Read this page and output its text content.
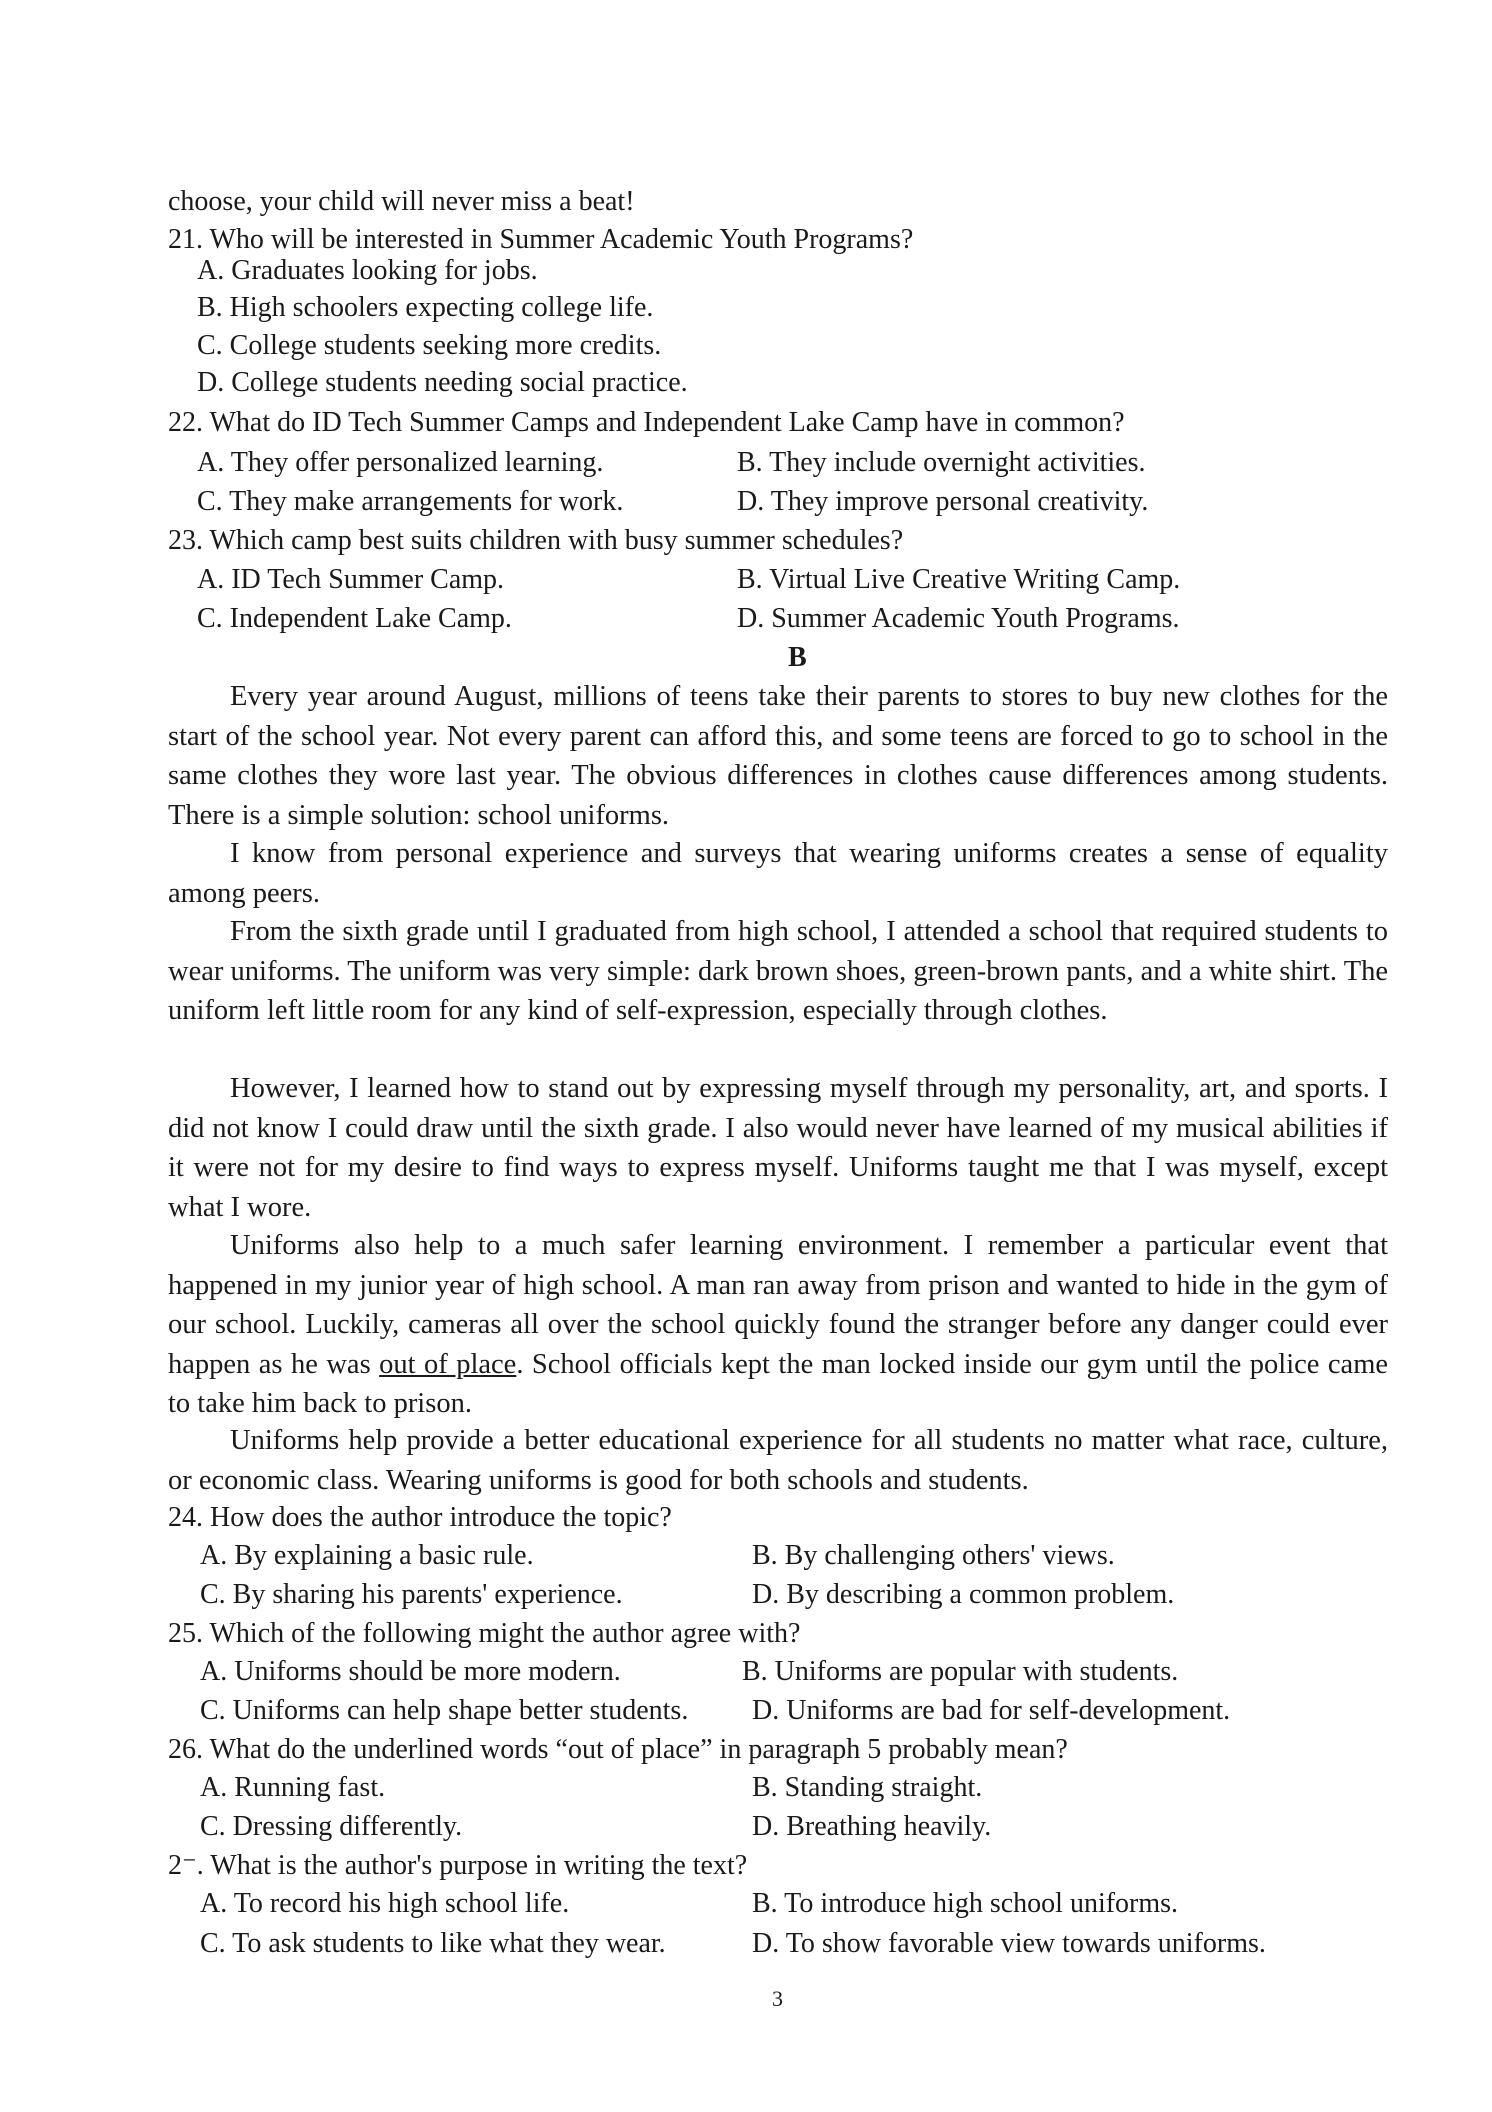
choose, your child will never miss a beat!

21. Who will be interested in Summer Academic Youth Programs?

A. Graduates looking for jobs.

B. High schoolers expecting college life.

C. College students seeking more credits.

D. College students needing social practice.

22. What do ID Tech Summer Camps and Independent Lake Camp have in common?

A. They offer personalized learning.	B. They include overnight activities.

C. They make arrangements for work.	D. They improve personal creativity.

23. Which camp best suits children with busy summer schedules?

A. ID Tech Summer Camp.	B. Virtual Live Creative Writing Camp.

C. Independent Lake Camp.	D. Summer Academic Youth Programs.

B

Every year around August, millions of teens take their parents to stores to buy new clothes for the start of the school year. Not every parent can afford this, and some teens are forced to go to school in the same clothes they wore last year. The obvious differences in clothes cause differences among students. There is a simple solution: school uniforms.

I know from personal experience and surveys that wearing uniforms creates a sense of equality among peers.

From the sixth grade until I graduated from high school, I attended a school that required students to wear uniforms. The uniform was very simple: dark brown shoes, green-brown pants, and a white shirt. The uniform left little room for any kind of self-expression, especially through clothes.

However, I learned how to stand out by expressing myself through my personality, art, and sports. I did not know I could draw until the sixth grade. I also would never have learned of my musical abilities if it were not for my desire to find ways to express myself. Uniforms taught me that I was myself, except what I wore.

Uniforms also help to a much safer learning environment. I remember a particular event that happened in my junior year of high school. A man ran away from prison and wanted to hide in the gym of our school. Luckily, cameras all over the school quickly found the stranger before any danger could ever happen as he was out of place. School officials kept the man locked inside our gym until the police came to take him back to prison.

Uniforms help provide a better educational experience for all students no matter what race, culture, or economic class. Wearing uniforms is good for both schools and students.

24. How does the author introduce the topic?

A. By explaining a basic rule.	B. By challenging others' views.

C. By sharing his parents' experience.	D. By describing a common problem.

25. Which of the following might the author agree with?

A. Uniforms should be more modern.	B. Uniforms are popular with students.

C. Uniforms can help shape better students. D. Uniforms are bad for self-development.

26. What do the underlined words “out of place” in paragraph 5 probably mean?

A. Running fast.	B. Standing straight.

C. Dressing differently.	D. Breathing heavily.

2⁻. What is the author's purpose in writing the text?

A. To record his high school life.	B. To introduce high school uniforms.

C. To ask students to like what they wear.	D. To show favorable view towards uniforms.

3
